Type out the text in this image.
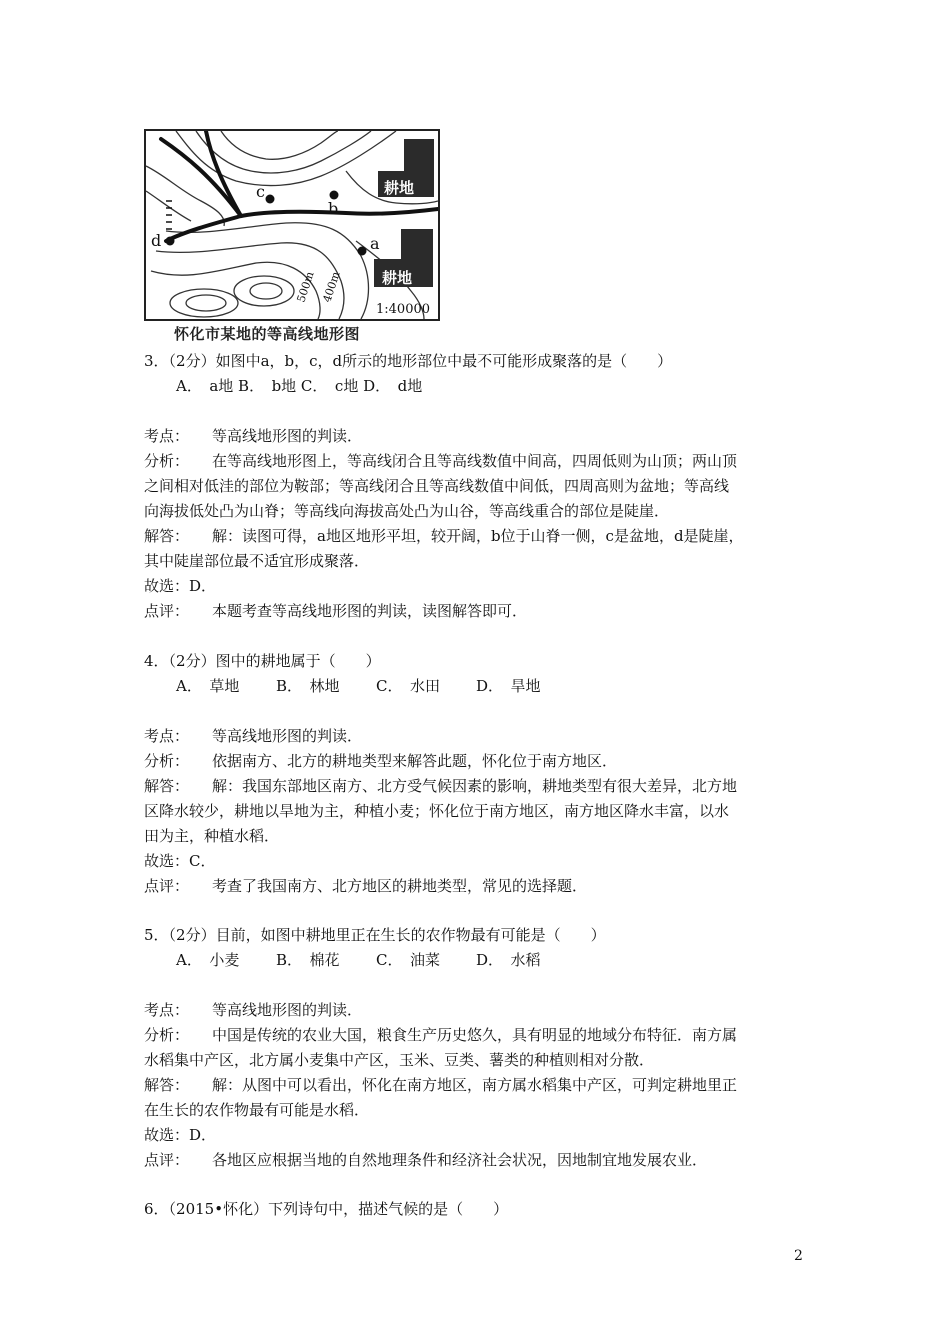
耕地
耕地
a
b
c
d
500m 400m
1:40000
怀化市某地的等高线地形图
3．（2分）如图中a，b，c，d所示的地形部位中最不可能形成聚落的是（　　）
A．　a地 B．　b地 C．　c地 D．　d地
考点： 等高线地形图的判读．
分析： 在等高线地形图上，等高线闭合且等高线数值中间高，四周低则为山顶；两山顶
之间相对低洼的部位为鞍部；等高线闭合且等高线数值中间低，四周高则为盆地；等高线
向海拔低处凸为山脊；等高线向海拔高处凸为山谷，等高线重合的部位是陡崖．
解答： 解：读图可得，a地区地形平坦，较开阔，b位于山脊一侧，c是盆地，d是陡崖，
其中陡崖部位最不适宜形成聚落．
故选：D．
点评： 本题考查等高线地形图的判读，读图解答即可．
4．（2分）图中的耕地属于（　　）
A．　草地 B．　林地 C．　水田 D．　旱地
考点： 等高线地形图的判读．
分析： 依据南方、北方的耕地类型来解答此题，怀化位于南方地区．
解答： 解：我国东部地区南方、北方受气候因素的影响，耕地类型有很大差异，北方地
区降水较少，耕地以旱地为主，种植小麦；怀化位于南方地区，南方地区降水丰富，以水
田为主，种植水稻．
故选：C．
点评： 考查了我国南方、北方地区的耕地类型，常见的选择题．
5．（2分）目前，如图中耕地里正在生长的农作物最有可能是（　　）
A．　小麦 B．　棉花 C．　油菜 D．　水稻
考点： 等高线地形图的判读．
分析： 中国是传统的农业大国，粮食生产历史悠久，具有明显的地域分布特征．南方属
水稻集中产区，北方属小麦集中产区，玉米、豆类、薯类的种植则相对分散．
解答： 解：从图中可以看出，怀化在南方地区，南方属水稻集中产区，可判定耕地里正
在生长的农作物最有可能是水稻．
故选：D．
点评： 各地区应根据当地的自然地理条件和经济社会状况，因地制宜地发展农业．
6．（2015•怀化）下列诗句中，描述气候的是（　　）
2
